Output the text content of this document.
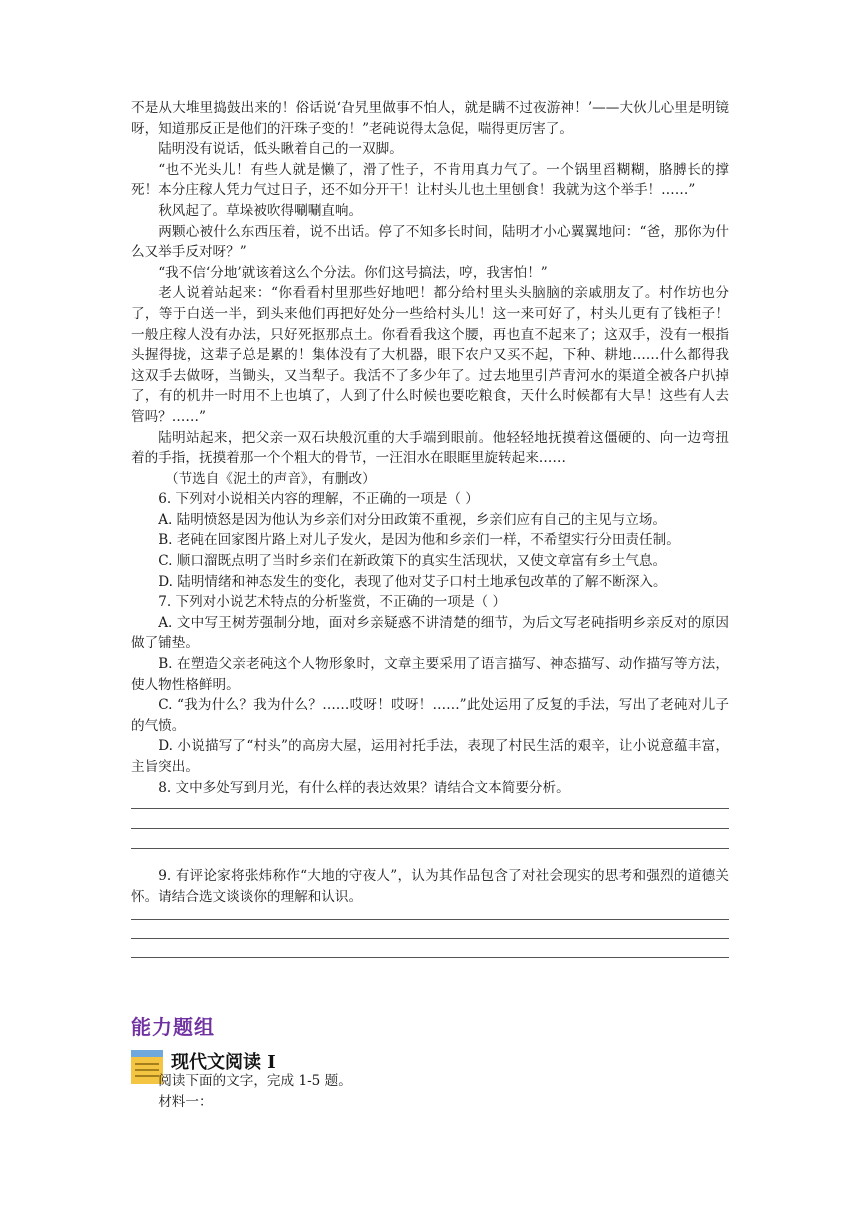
不是从大堆里捣鼓出来的！俗话说‘旮旯里做事不怕人，就是瞒不过夜游神！’——大伙儿心里是明镜呀，知道那反正是他们的汗珠子变的！”老砘说得太急促，喘得更厉害了。

陆明没有说话，低头瞅着自己的一双脚。

“也不光头儿！有些人就是懒了，滑了性子，不肯用真力气了。一个锅里舀糊糊，胳膊长的撑死！本分庄稼人凭力气过日子，还不如分开干！让村头儿也土里刨食！我就为这个举手！……”

秋风起了。草垛被吹得唰唰直响。

两颗心被什么东西压着，说不出话。停了不知多长时间，陆明才小心翼翼地问：“爸，那你为什么又举手反对呀？”

“我不信‘分地’就该着这么个分法。你们这号搞法，哼，我害怕！”

老人说着站起来：“你看看村里那些好地吧！都分给村里头头脑脑的亲戚朋友了。村作坊也分了，等于白送一半，到头来他们再把好处分一些给村头儿！这一来可好了，村头儿更有了钱柜子！一般庄稼人没有办法，只好死抠那点土。你看看我这个腰，再也直不起来了；这双手，没有一根指头握得拢，这辈子总是累的！集体没有了大机器，眼下农户又买不起，下种、耕地……什么都得我这双手去做呀，当锄头，又当犁子。我活不了多少年了。过去地里引芦青河水的渠道全被各户扒掉了，有的机井一时用不上也填了，人到了什么时候也要吃粮食，天什么时候都有大旱！这些有人去管吗？……”

陆明站起来，把父亲一双石块般沉重的大手端到眼前。他轻轻地抚摸着这僵硬的、向一边弯扭着的手指，抚摸着那一个个粗大的骨节，一汪泪水在眼眶里旋转起来……

（节选自《泥土的声音》，有删改）

6. 下列对小说相关内容的理解，不正确的一项是（ ）

A. 陆明愤怒是因为他认为乡亲们对分田政策不重视，乡亲们应有自己的主见与立场。

B. 老砘在回家图片路上对儿子发火，是因为他和乡亲们一样，不希望实行分田责任制。

C. 顺口溜既点明了当时乡亲们在新政策下的真实生活现状，又使文章富有乡土气息。

D. 陆明情绪和神态发生的变化，表现了他对艾子口村土地承包改革的了解不断深入。

7. 下列对小说艺术特点的分析鉴赏，不正确的一项是（ ）

A. 文中写王树芳强制分地，面对乡亲疑惑不讲清楚的细节，为后文写老砘指明乡亲反对的原因做了铺垫。

B. 在塑造父亲老砘这个人物形象时，文章主要采用了语言描写、神态描写、动作描写等方法，使人物性格鲜明。

C. “我为什么？我为什么？……哎呀！哎呀！……”此处运用了反复的手法，写出了老砘对儿子的气愤。

D. 小说描写了“村头”的高房大屋，运用衬托手法，表现了村民生活的艰辛，让小说意蕴丰富，主旨突出。

8. 文中多处写到月光，有什么样的表达效果？请结合文本简要分析。

9. 有评论家将张炜称作“大地的守夜人”，认为其作品包含了对社会现实的思考和强烈的道德关怀。请结合选文谈谈你的理解和认识。

能力题组
现代文阅读 I

阅读下面的文字，完成 1-5 题。

材料一：
